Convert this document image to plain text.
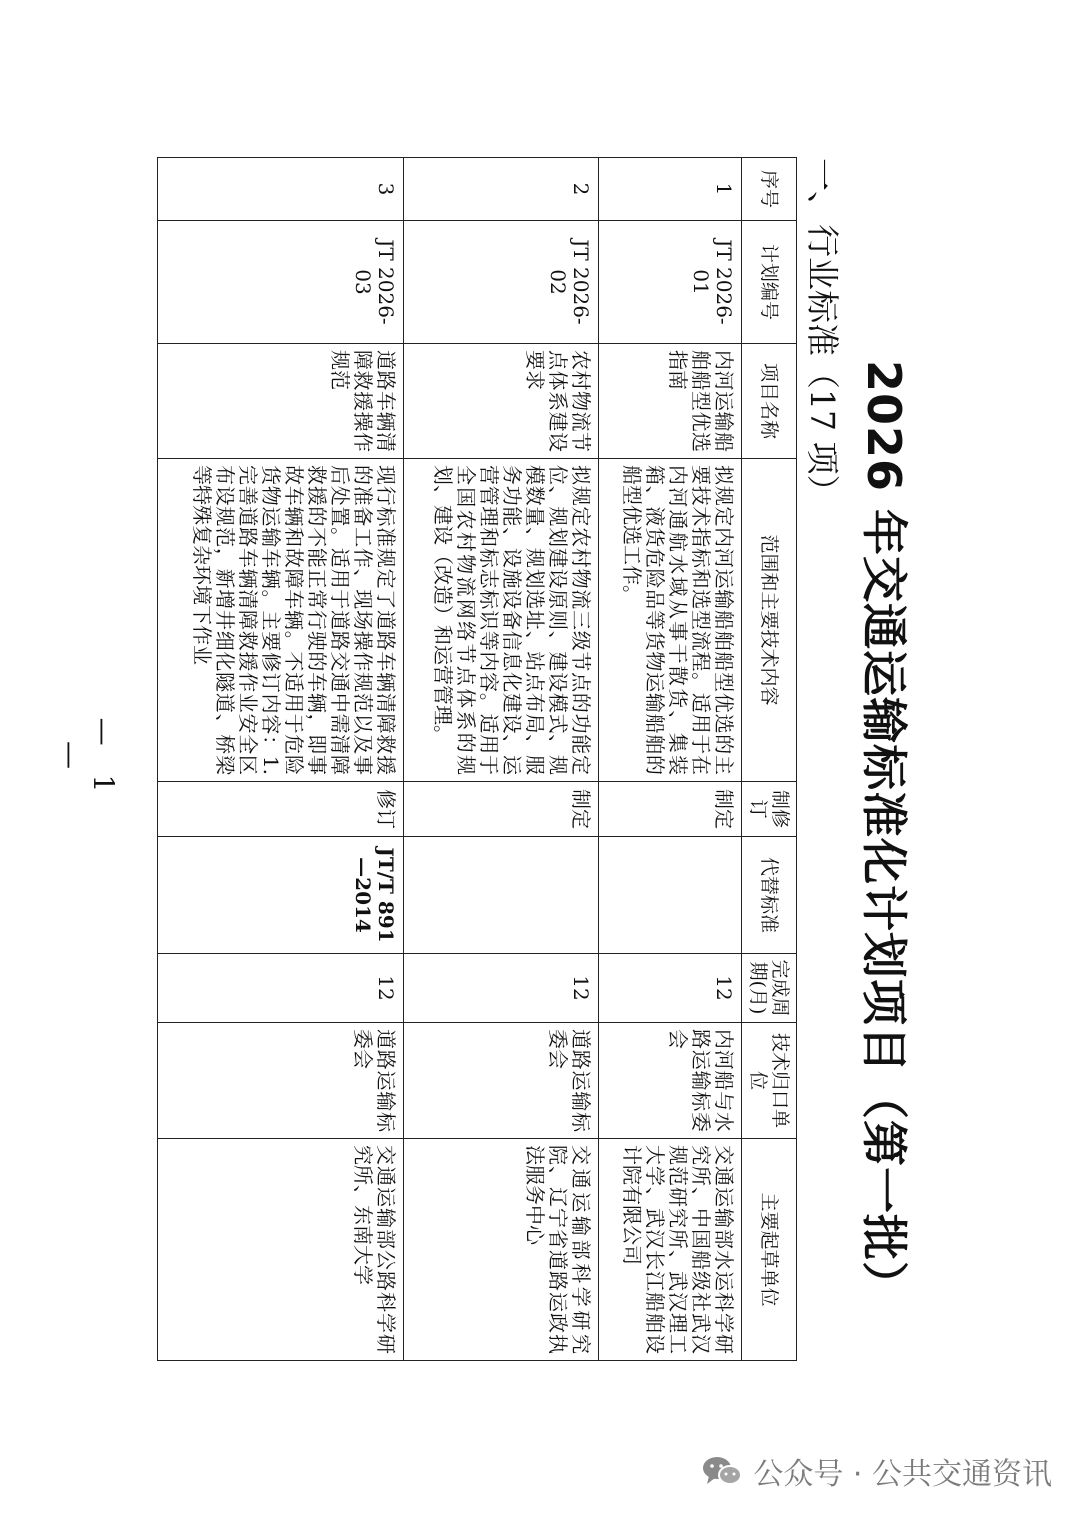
2026 年交通运输标准化计划项目（第一批）
一、行业标准（17 项）
序号	计划编号	项目名称	范围和主要技术内容	制修订	代替标准	完成周期(月)	技术归口单位	主要起草单位
1	JT 2026-01	内河运输船舶船型优选指南	拟规定内河运输船舶船型优选的主要技术指标和选型流程。适用于在内河通航水域从事干散货、集装箱、液货危险品等货物运输船舶的船型优选工作。	制定		12	内河船与水路运输标委会	交通运输部水运科学研究所、中国船级社武汉规范研究所、武汉理工大学、武汉长江船舶设计院有限公司
2	JT 2026-02	农村物流节点体系建设要求	拟规定农村物流三级节点的功能定位、规划建设原则、建设模式、规模数量、规划选址、站点布局、服务功能、设施设备信息化建设、运营管理和标志标识等内容。适用于全国农村物流网络节点体系的规划、建设（改造）和运营管理。	制定		12	道路运输标委会	交通运输部科学研究院、辽宁省道路运政执法服务中心
3	JT 2026-03	道路车辆清障救援操作规范	现行标准规定了道路车辆清障救援的准备工作、现场操作规范以及事后处置。适用于道路交通中需清障救援的不能正常行驶的车辆，即事故车辆和故障车辆。不适用于危险货物运输车辆。主要修订内容：1. 完善道路车辆清障救援作业安全区布设规范，新增井细化隧道、桥梁等特殊复杂环境下作业	修订	JT/T 891—2014	12	道路运输标委会	交通运输部公路科学研究所、东南大学
— 1 —
公众号 · 公共交通资讯
